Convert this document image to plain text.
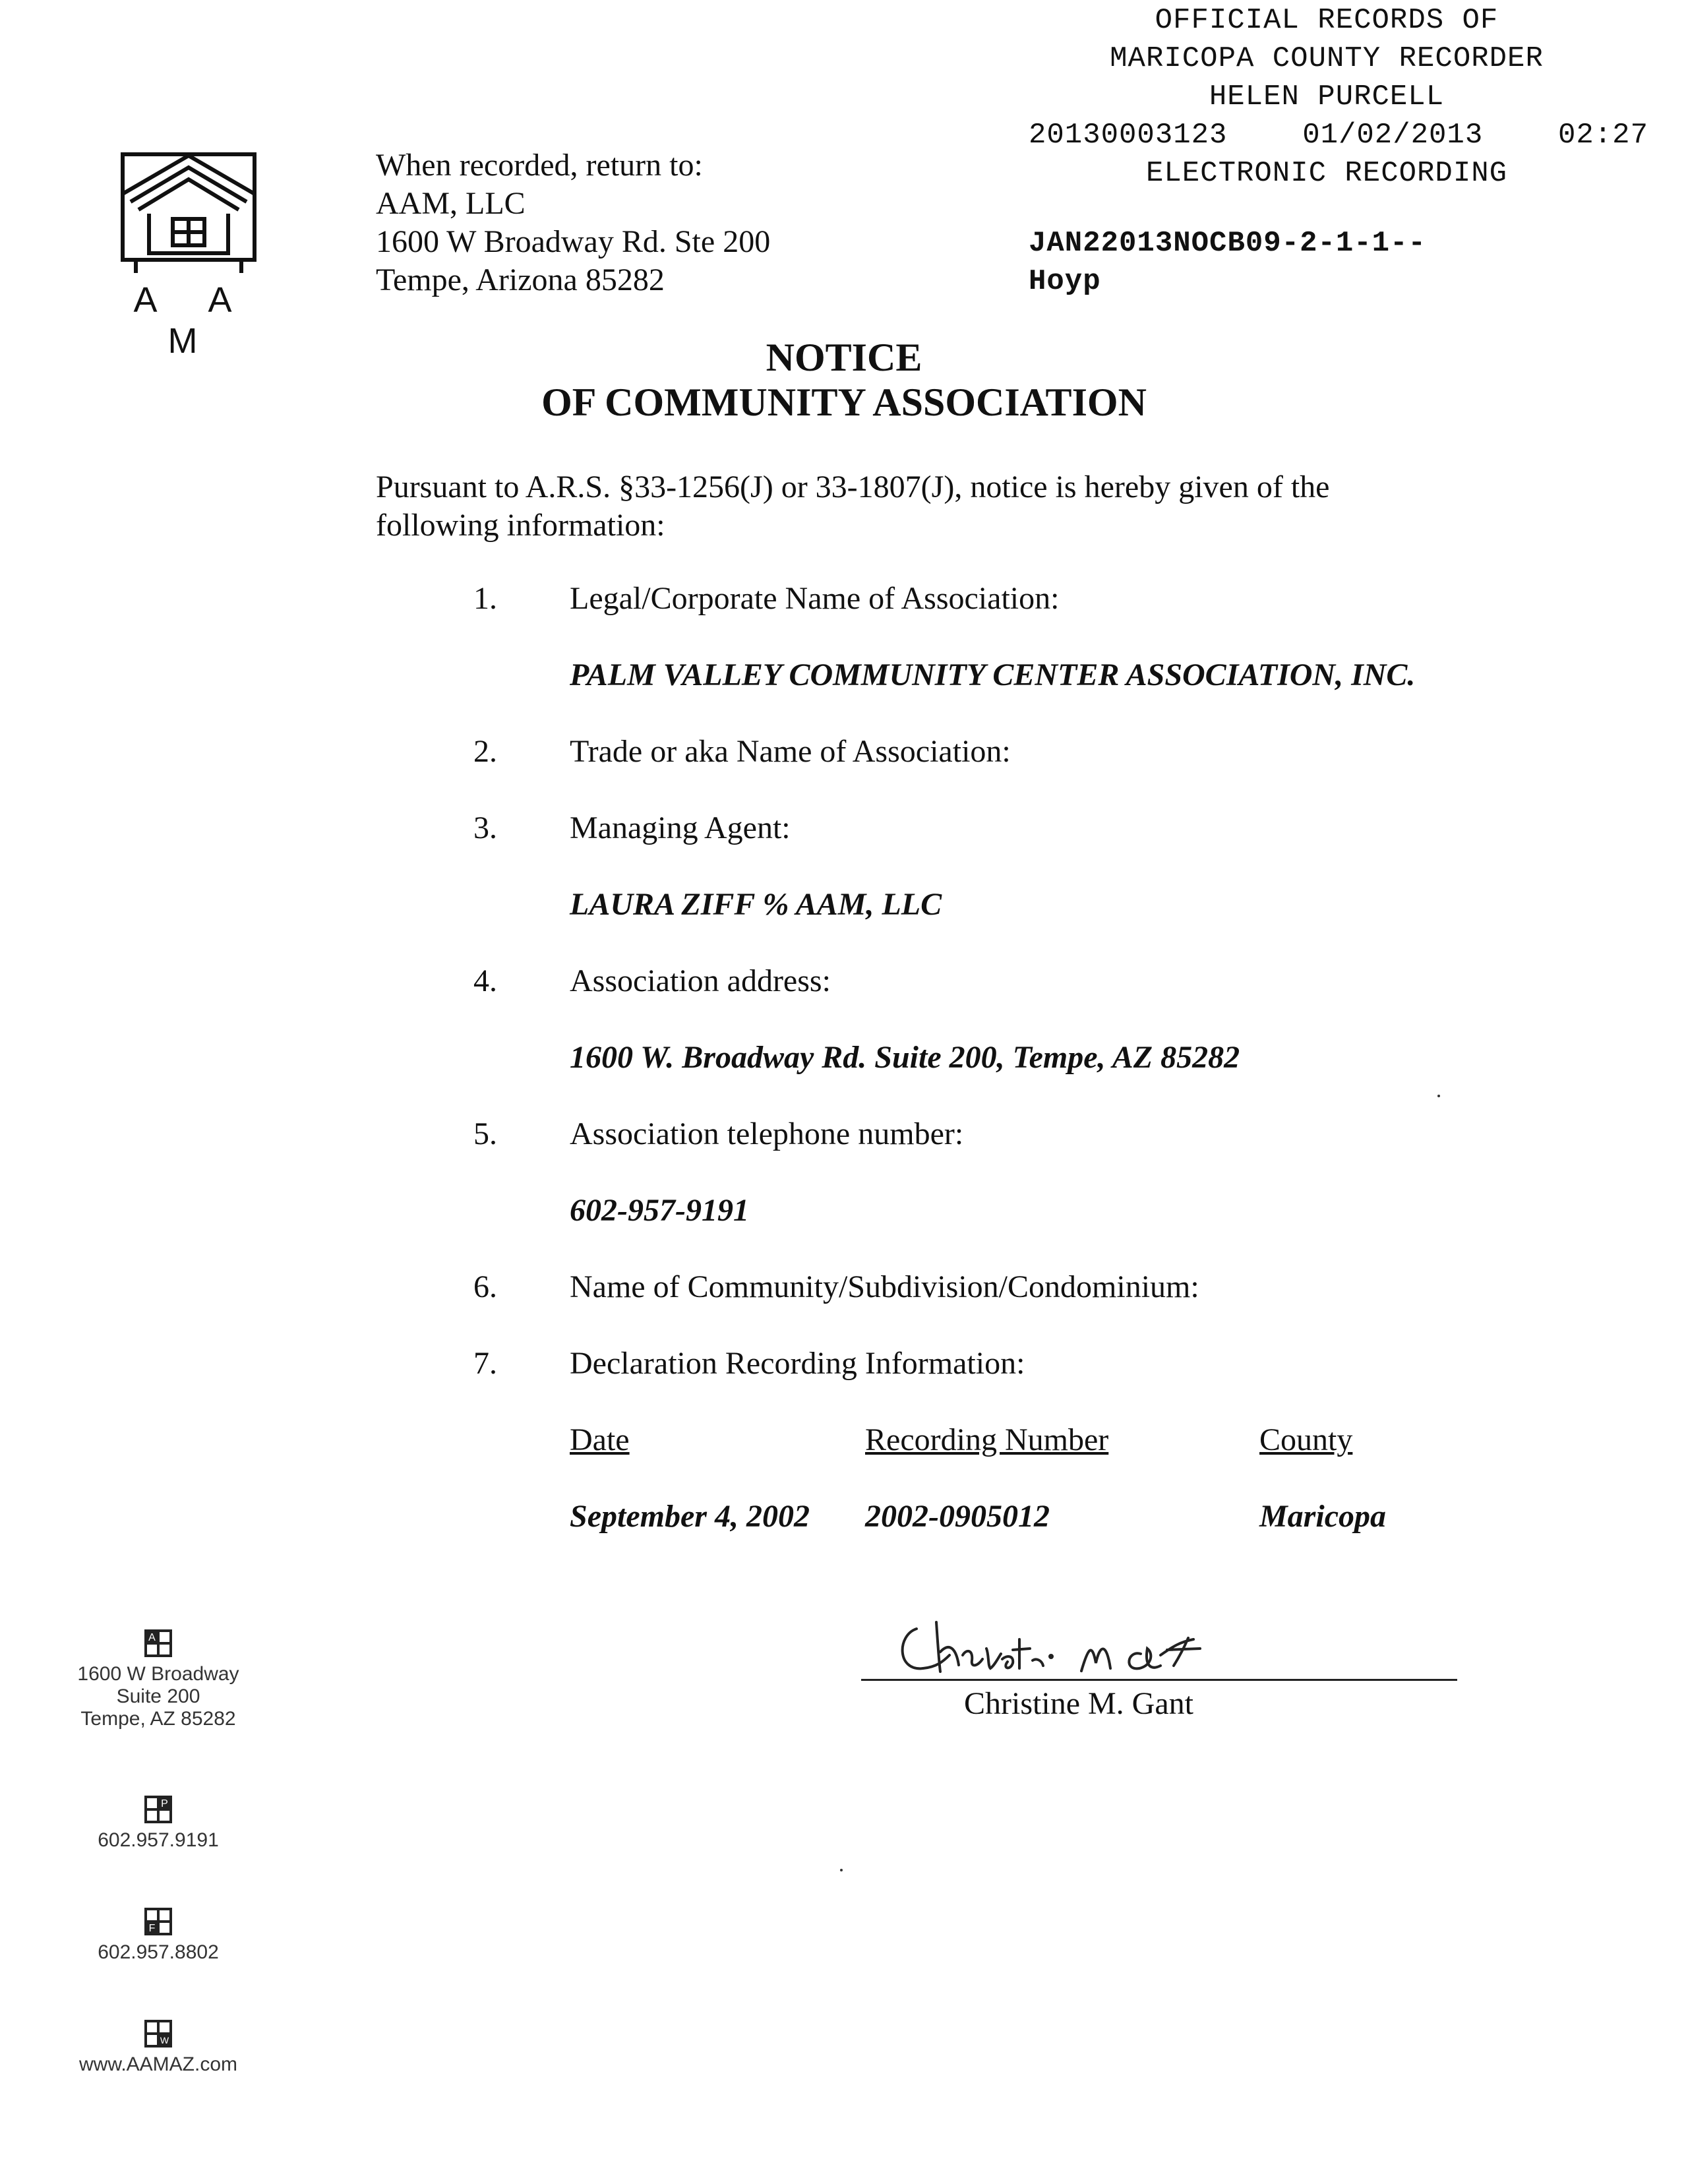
OFFICIAL RECORDS OF
MARICOPA COUNTY RECORDER
HELEN PURCELL
20130003123	01/02/2013	02:27
ELECTRONIC RECORDING
JAN22013NOCB09-2-1-1--
Hoyp
A A M
When recorded, return to:
AAM, LLC
1600 W Broadway Rd. Ste 200
Tempe, Arizona 85282
NOTICE
OF COMMUNITY ASSOCIATION
Pursuant to A.R.S. §33-1256(J) or 33-1807(J), notice is hereby given of the following information:
1. Legal/Corporate Name of Association:
PALM VALLEY COMMUNITY CENTER ASSOCIATION, INC.
2. Trade or aka Name of Association:
3. Managing Agent:
LAURA ZIFF % AAM, LLC
4. Association address:
1600 W. Broadway Rd. Suite 200, Tempe, AZ 85282
5. Association telephone number:
602-957-9191
6. Name of Community/Subdivision/Condominium:
7. Declaration Recording Information:
Date	Recording Number	County
September 4, 2002 2002-0905012	Maricopa
Christine M. Gant
A
1600 W Broadway
Suite 200
Tempe, AZ 85282
P
602.957.9191
F
602.957.8802
W
www.AAMAZ.com
